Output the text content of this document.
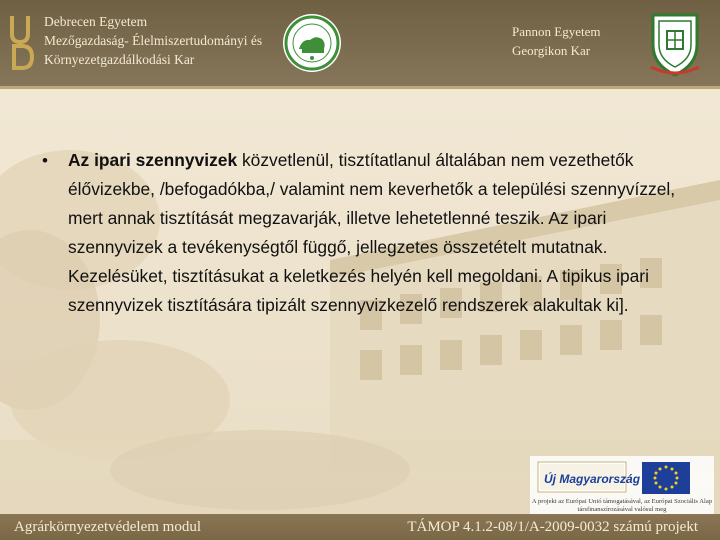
Debrecen Egyetem
Mezőgazdaság- Élelmiszertudományi és
Környezetgazdálkodási Kar
Pannon Egyetem
Georgikon Kar
•	Az ipari szennyvizek közvetlenül, tisztítatlanul általában nem vezethetők élővizekbe, /befogadókba,/ valamint nem keverhetők a települési szennyvízzel, mert annak tisztítását megzavarják, illetve lehetetlenné teszik. Az ipari szennyvizek a tevékenységtől függő, jellegzetes összetételt mutatnak. Kezelésüket, tisztításukat a keletkezés helyén kell megoldani. A tipikus ipari szennyvizek tisztítására tipizált szennyvizkezelő rendszerek alakultak ki].
Új Magyarország
A projekt az Európai Unió támogatásával, az Európai Szociális Alap társfinanszírozásával valósul meg
Agrárkörnyezetvédelem modul	TÁMOP 4.1.2-08/1/A-2009-0032 számú projekt
